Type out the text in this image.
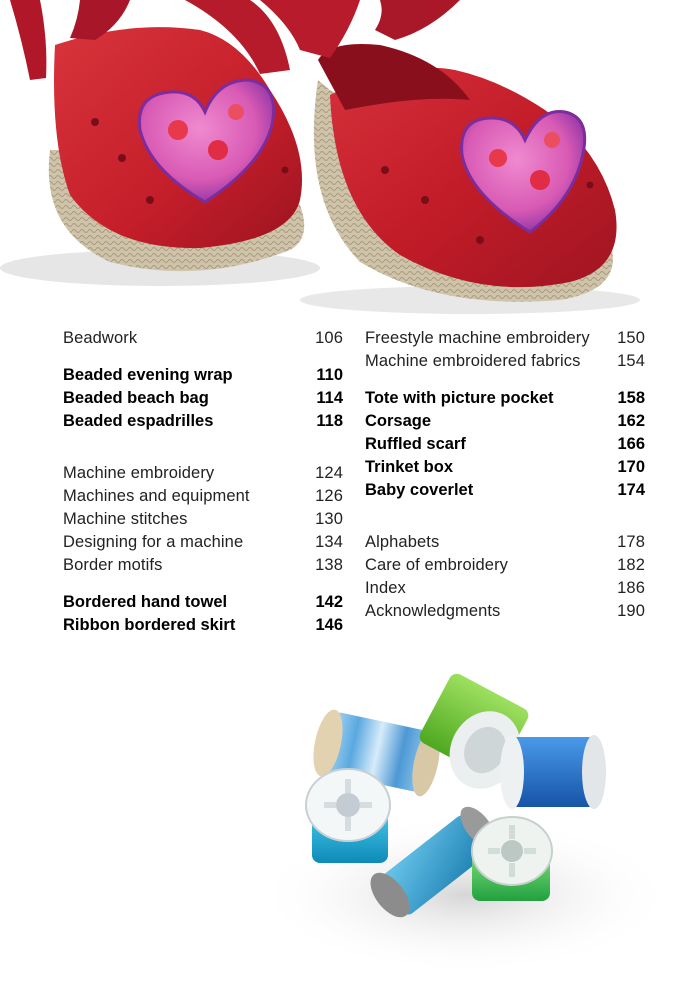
Beadwork	106
Beaded evening wrap	110
Beaded beach bag	114
Beaded espadrilles	118
Machine embroidery	124
Machines and equipment	126
Machine stitches	130
Designing for a machine	134
Border motifs	138
Bordered hand towel	142
Ribbon bordered skirt	146
Freestyle machine embroidery 150
Machine embroidered fabrics 154
Tote with picture pocket	158
Corsage	162
Ruffled scarf	166
Trinket box	170
Baby coverlet	174
Alphabets	178
Care of embroidery	182
Index	186
Acknowledgments	190
